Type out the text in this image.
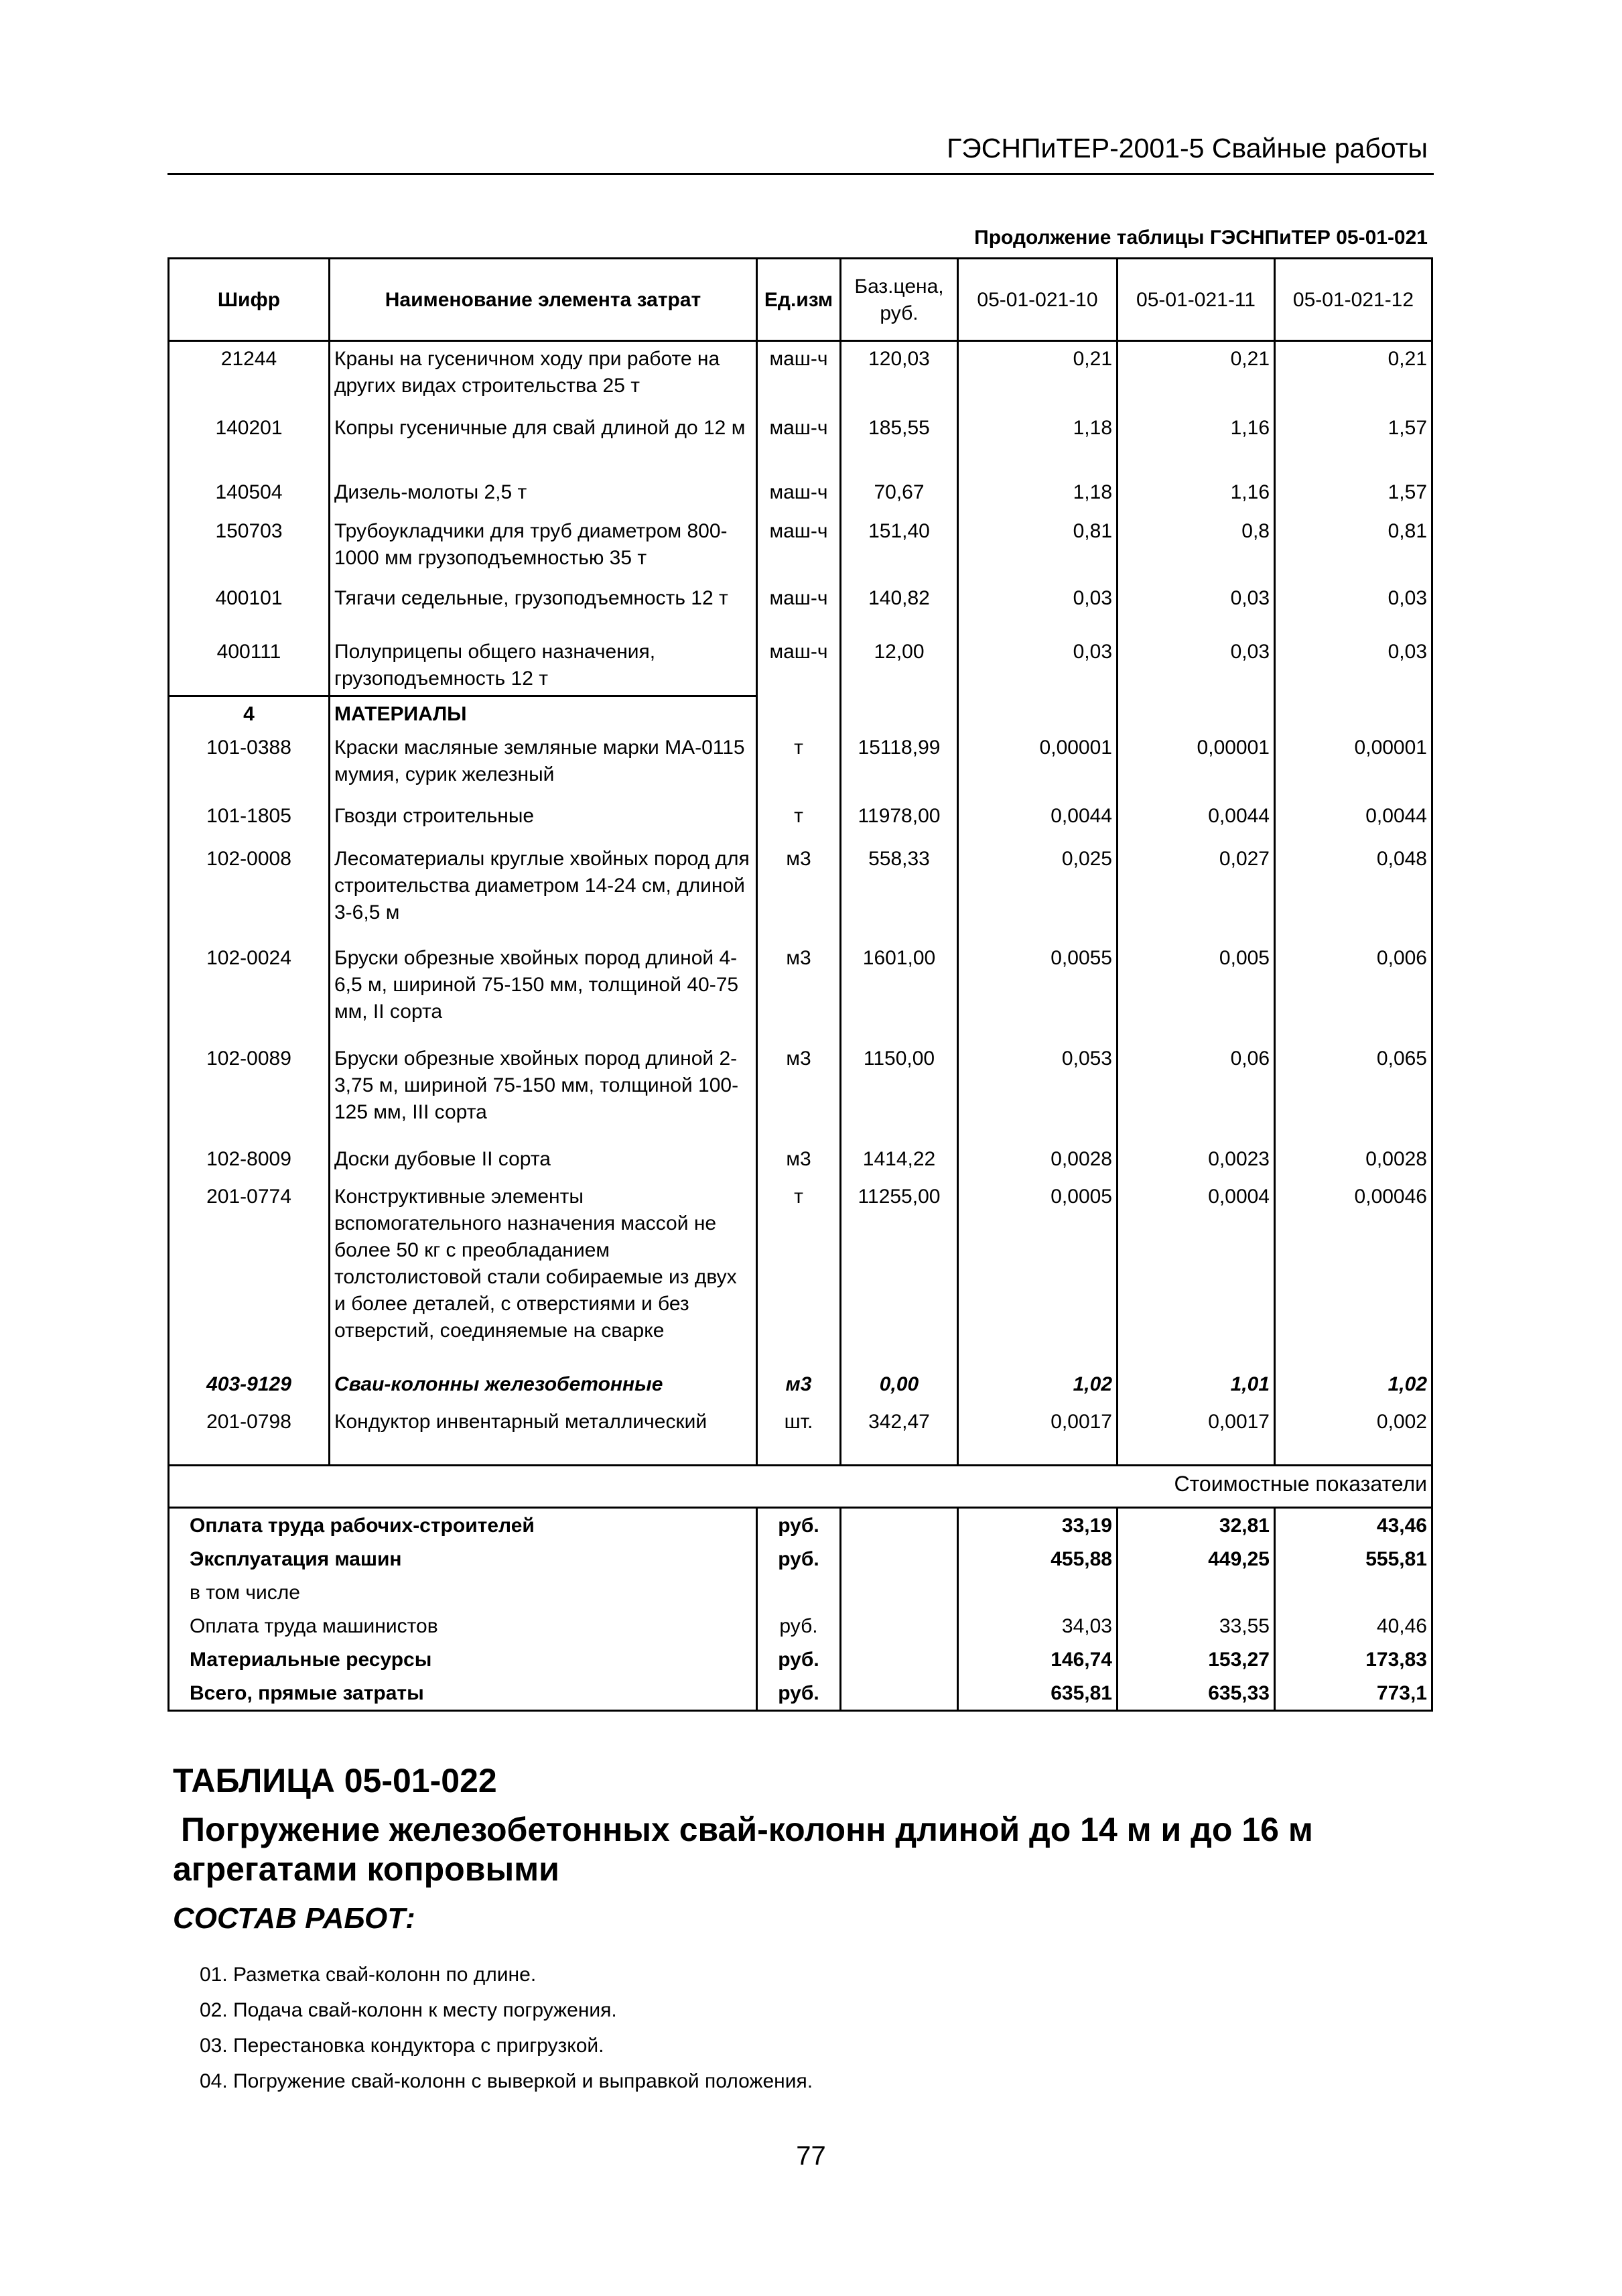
ГЭСНПиТЕР-2001-5 Свайные работы
Продолжение таблицы ГЭСНПиТЕР 05-01-021
Шифр	Наименование элемента затрат	Ед.изм	Баз.цена, руб.	05-01-021-10	05-01-021-11	05-01-021-12
21244	Краны на гусеничном ходу при работе на других видах строительства 25 т	маш-ч	120,03	0,21	0,21	0,21
140201	Копры гусеничные для свай длиной до 12 м	маш-ч	185,55	1,18	1,16	1,57
140504	Дизель-молоты 2,5 т	маш-ч	70,67	1,18	1,16	1,57
150703	Трубоукладчики для труб диаметром 800-1000 мм грузоподъемностью 35 т	маш-ч	151,40	0,81	0,8	0,81
400101	Тягачи седельные, грузоподъемность 12 т	маш-ч	140,82	0,03	0,03	0,03
400111	Полуприцепы общего назначения, грузоподъемность 12 т	маш-ч	12,00	0,03	0,03	0,03
4	МАТЕРИАЛЫ					
101-0388	Краски масляные земляные марки МА-0115 мумия, сурик железный	т	15118,99	0,00001	0,00001	0,00001
101-1805	Гвозди строительные	т	11978,00	0,0044	0,0044	0,0044
102-0008	Лесоматериалы круглые хвойных пород для строительства диаметром 14-24 см, длиной 3-6,5 м	м3	558,33	0,025	0,027	0,048
102-0024	Бруски обрезные хвойных пород длиной 4-6,5 м, шириной 75-150 мм, толщиной 40-75 мм, II сорта	м3	1601,00	0,0055	0,005	0,006
102-0089	Бруски обрезные хвойных пород длиной 2-3,75 м, шириной 75-150 мм, толщиной 100-125 мм, III сорта	м3	1150,00	0,053	0,06	0,065
102-8009	Доски дубовые II сорта	м3	1414,22	0,0028	0,0023	0,0028
201-0774	Конструктивные элементы вспомогательного назначения массой не более 50 кг с преобладанием толстолистовой стали собираемые из двух и более деталей, с отверстиями и без отверстий, соединяемые на сварке	т	11255,00	0,0005	0,0004	0,00046
403-9129	Сваи-колонны железобетонные	м3	0,00	1,02	1,01	1,02
201-0798	Кондуктор инвентарный металлический	шт.	342,47	0,0017	0,0017	0,002
				Стоимостные показатели		
Оплата труда рабочих-строителей		руб.		33,19	32,81	43,46
Эксплуатация машин		руб.		455,88	449,25	555,81
в том числе						
Оплата труда машинистов		руб.		34,03	33,55	40,46
Материальные ресурсы		руб.		146,74	153,27	173,83
Всего, прямые затраты		руб.		635,81	635,33	773,1
ТАБЛИЦА 05-01-022
Погружение железобетонных свай-колонн длиной до 14 м и до 16 м
агрегатами копровыми
СОСТАВ РАБОТ:
01. Разметка свай-колонн по длине.
02. Подача свай-колонн к месту погружения.
03. Перестановка кондуктора с пригрузкой.
04. Погружение свай-колонн с выверкой и выправкой положения.
77
